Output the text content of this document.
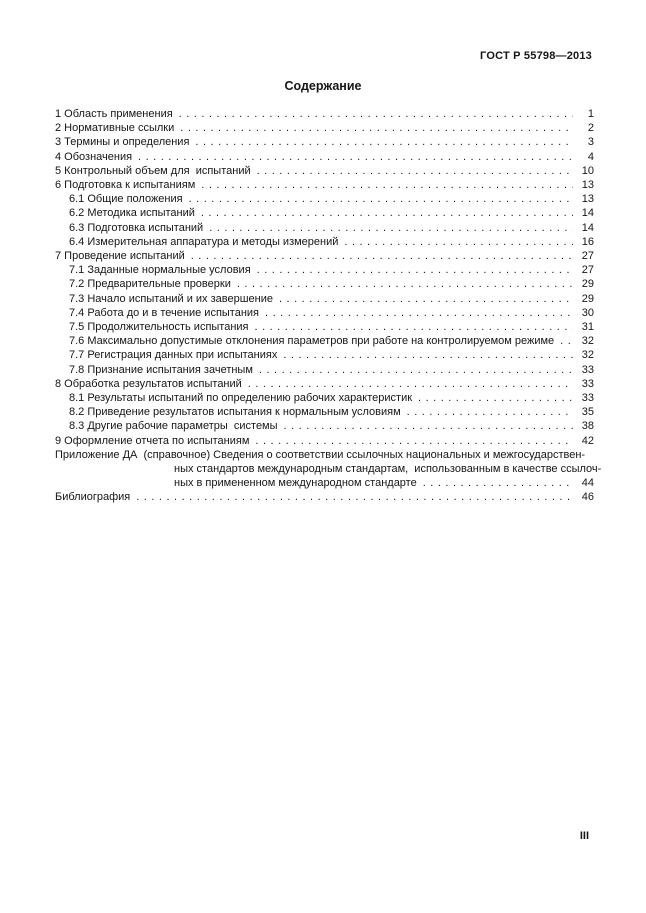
ГОСТ Р 55798—2013
Содержание
1 Область применения .....	1
2 Нормативные ссылки .....	2
3 Термины и определения .....	3
4 Обозначения .....	4
5 Контрольный объем для  испытаний .....	10
6 Подготовка к испытаниям .....	13
6.1 Общие положения .....	13
6.2 Методика испытаний .....	14
6.3 Подготовка испытаний .....	14
6.4 Измерительная аппаратура и методы измерений .....	16
7 Проведение испытаний .....	27
7.1 Заданные нормальные условия .....	27
7.2 Предварительные проверки .....	29
7.3 Начало испытаний и их завершение .....	29
7.4 Работа до и в течение испытания .....	30
7.5 Продолжительность испытания .....	31
7.6 Максимально допустимые отклонения параметров при работе на контролируемом режиме .....	32
7.7 Регистрация данных при испытаниях .....	32
7.8 Признание испытания зачетным .....	33
8 Обработка результатов испытаний .....	33
8.1 Результаты испытаний по определению рабочих характеристик .....	33
8.2 Приведение результатов испытания к нормальным условиям .....	35
8.3 Другие рабочие параметры  системы .....	38
9 Оформление отчета по испытаниям .....	42
Приложение ДА  (справочное) Сведения о соответствии ссылочных национальных и межгосударствен-
ных стандартов международным стандартам,  использованным в качестве ссылоч-
ных в примененном международном стандарте .....	44
Библиография .....	46
III
